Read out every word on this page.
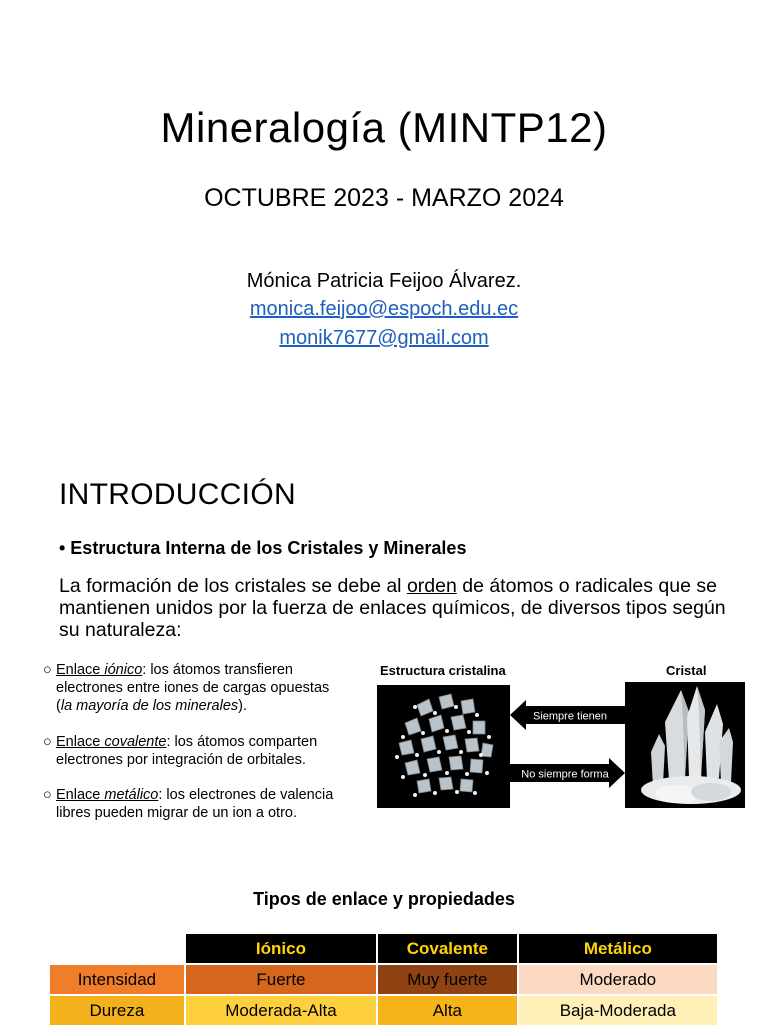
Mineralogía (MINTP12)
OCTUBRE 2023 - MARZO 2024
Mónica Patricia Feijoo Álvarez.
monica.feijoo@espoch.edu.ec
monik7677@gmail.com
INTRODUCCIÓN
• Estructura Interna de los Cristales y Minerales
La formación de los cristales se debe al orden de átomos o radicales que se mantienen unidos por la fuerza de enlaces químicos, de diversos tipos según su naturaleza:
○ Enlace iónico: los átomos transfieren
electrones entre iones de cargas opuestas
(la mayoría de los minerales).
○ Enlace covalente: los átomos comparten
electrones por integración de orbitales.
○ Enlace metálico: los electrones de valencia
libres pueden migrar de un ion a otro.
Estructura cristalina	Cristal
Siempre tienen
No siempre forma
Tipos de enlace y propiedades
	Iónico	Covalente	Metálico
Intensidad	Fuerte	Muy fuerte	Moderado
Dureza	Moderada-Alta	Alta	Baja-Moderada
